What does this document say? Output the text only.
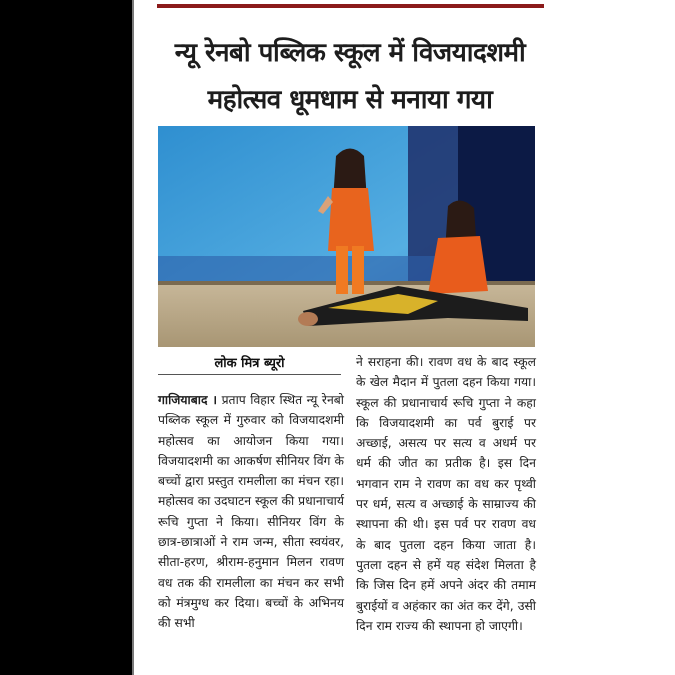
न्यू रेनबो पब्लिक स्कूल में विजयादशमी
महोत्सव धूमधाम से मनाया गया
लोक मित्र ब्यूरो
गाजियाबाद । प्रताप विहार स्थित न्यू रेनबो पब्लिक स्कूल में गुरुवार को विजयादशमी महोत्सव का आयोजन किया गया। विजयादशमी का आकर्षण सीनियर विंग के बच्चों द्वारा प्रस्तुत रामलीला का मंचन रहा। महोत्सव का उदघाटन स्कूल की प्रधानाचार्य रूचि गुप्ता ने किया। सीनियर विंग के छात्र-छात्राओं ने राम जन्म, सीता स्वयंवर, सीता-हरण, श्रीराम-हनुमान मिलन रावण वध तक की रामलीला का मंचन कर सभी को मंत्रमुग्ध कर दिया। बच्चों के अभिनय की सभी
ने सराहना की। रावण वध के बाद स्कूल के खेल मैदान में पुतला दहन किया गया। स्कूल की प्रधानाचार्य रूचि गुप्ता ने कहा कि विजयादशमी का पर्व बुराई पर अच्छाई, असत्य पर सत्य व अधर्म पर धर्म की जीत का प्रतीक है। इस दिन भगवान राम ने रावण का वध कर पृथ्वी पर धर्म, सत्य व अच्छाई के साम्राज्य की स्थापना की थी। इस पर्व पर रावण वध के बाद पुतला दहन किया जाता है। पुतला दहन से हमें यह संदेश मिलता है कि जिस दिन हमें अपने अंदर की तमाम बुराईयों व अहंकार का अंत कर देंगे, उसी दिन राम राज्य की स्थापना हो जाएगी।
